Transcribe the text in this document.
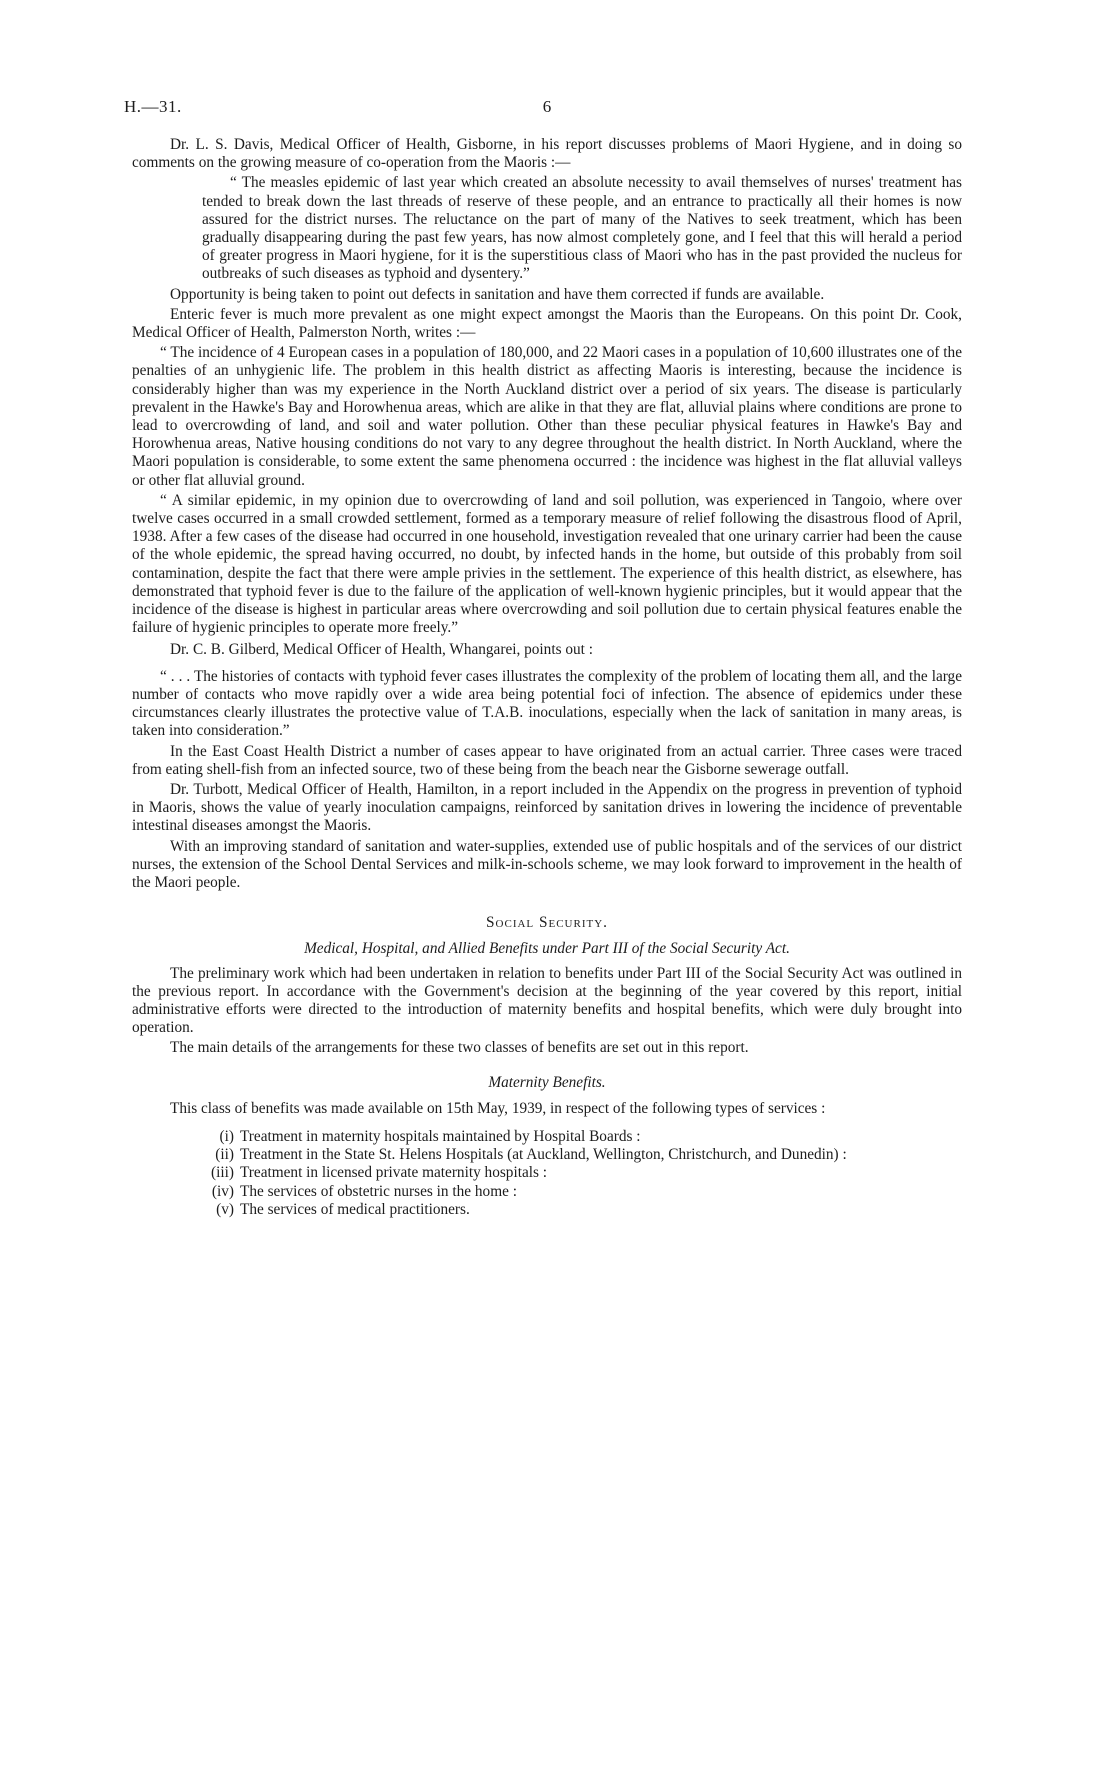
H.—31.	6

Dr. L. S. Davis, Medical Officer of Health, Gisborne, in his report discusses problems of Maori Hygiene, and in doing so comments on the growing measure of co-operation from the Maoris :—

“ The measles epidemic of last year which created an absolute necessity to avail themselves of nurses' treatment has tended to break down the last threads of reserve of these people, and an entrance to practically all their homes is now assured for the district nurses. The reluctance on the part of many of the Natives to seek treatment, which has been gradually disappearing during the past few years, has now almost completely gone, and I feel that this will herald a period of greater progress in Maori hygiene, for it is the superstitious class of Maori who has in the past provided the nucleus for outbreaks of such diseases as typhoid and dysentery.”

Opportunity is being taken to point out defects in sanitation and have them corrected if funds are available.

Enteric fever is much more prevalent as one might expect amongst the Maoris than the Europeans. On this point Dr. Cook, Medical Officer of Health, Palmerston North, writes :—

“ The incidence of 4 European cases in a population of 180,000, and 22 Maori cases in a population of 10,600 illustrates one of the penalties of an unhygienic life. The problem in this health district as affecting Maoris is interesting, because the incidence is considerably higher than was my experience in the North Auckland district over a period of six years. The disease is particularly prevalent in the Hawke's Bay and Horowhenua areas, which are alike in that they are flat, alluvial plains where conditions are prone to lead to overcrowding of land, and soil and water pollution. Other than these peculiar physical features in Hawke's Bay and Horowhenua areas, Native housing conditions do not vary to any degree throughout the health district. In North Auckland, where the Maori population is considerable, to some extent the same phenomena occurred : the incidence was highest in the flat alluvial valleys or other flat alluvial ground.

“ A similar epidemic, in my opinion due to overcrowding of land and soil pollution, was experienced in Tangoio, where over twelve cases occurred in a small crowded settlement, formed as a temporary measure of relief following the disastrous flood of April, 1938. After a few cases of the disease had occurred in one household, investigation revealed that one urinary carrier had been the cause of the whole epidemic, the spread having occurred, no doubt, by infected hands in the home, but outside of this probably from soil contamination, despite the fact that there were ample privies in the settlement. The experience of this health district, as elsewhere, has demonstrated that typhoid fever is due to the failure of the application of well-known hygienic principles, but it would appear that the incidence of the disease is highest in particular areas where overcrowding and soil pollution due to certain physical features enable the failure of hygienic principles to operate more freely.”

Dr. C. B. Gilberd, Medical Officer of Health, Whangarei, points out :

“ . . . The histories of contacts with typhoid fever cases illustrates the complexity of the problem of locating them all, and the large number of contacts who move rapidly over a wide area being potential foci of infection. The absence of epidemics under these circumstances clearly illustrates the protective value of T.A.B. inoculations, especially when the lack of sanitation in many areas, is taken into consideration.”

In the East Coast Health District a number of cases appear to have originated from an actual carrier. Three cases were traced from eating shell-fish from an infected source, two of these being from the beach near the Gisborne sewerage outfall.

Dr. Turbott, Medical Officer of Health, Hamilton, in a report included in the Appendix on the progress in prevention of typhoid in Maoris, shows the value of yearly inoculation campaigns, reinforced by sanitation drives in lowering the incidence of preventable intestinal diseases amongst the Maoris.

With an improving standard of sanitation and water-supplies, extended use of public hospitals and of the services of our district nurses, the extension of the School Dental Services and milk-in-schools scheme, we may look forward to improvement in the health of the Maori people.

Social Security.
Medical, Hospital, and Allied Benefits under Part III of the Social Security Act.

The preliminary work which had been undertaken in relation to benefits under Part III of the Social Security Act was outlined in the previous report. In accordance with the Government's decision at the beginning of the year covered by this report, initial administrative efforts were directed to the introduction of maternity benefits and hospital benefits, which were duly brought into operation.

The main details of the arrangements for these two classes of benefits are set out in this report.

Maternity Benefits.

This class of benefits was made available on 15th May, 1939, in respect of the following types of services :

(i) Treatment in maternity hospitals maintained by Hospital Boards :
(ii) Treatment in the State St. Helens Hospitals (at Auckland, Wellington, Christchurch, and Dunedin) :
(iii) Treatment in licensed private maternity hospitals :
(iv) The services of obstetric nurses in the home :
(v) The services of medical practitioners.
